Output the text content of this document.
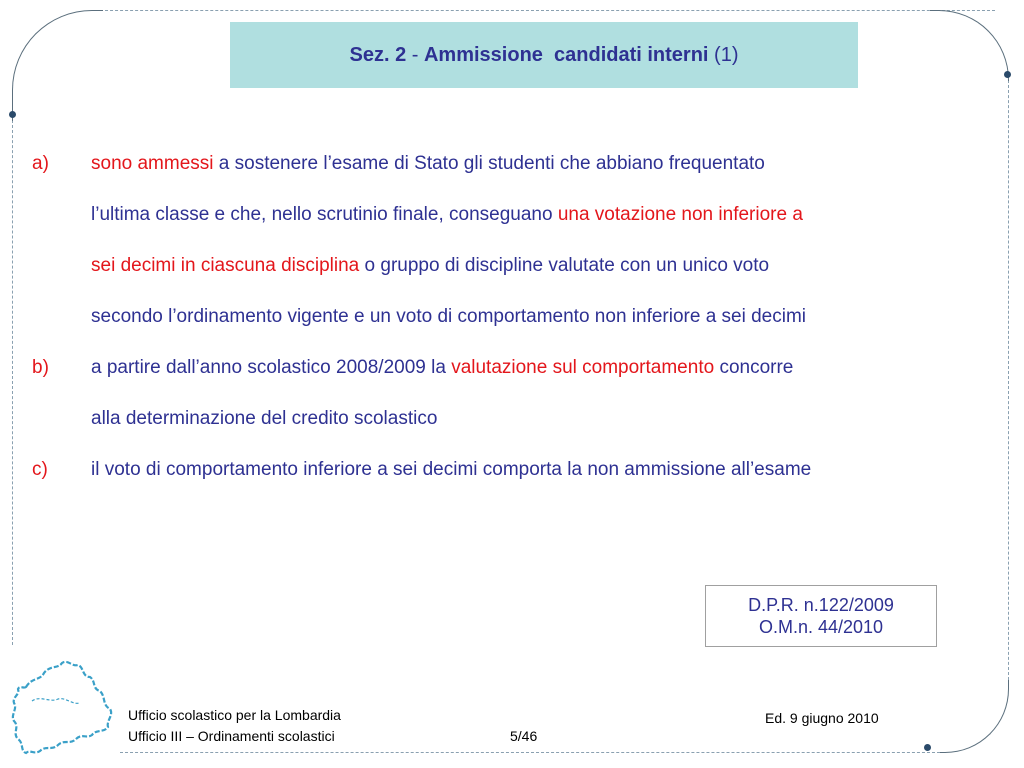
Sez. 2 - Ammissione  candidati interni (1)
a) sono ammessi a sostenere l’esame di Stato gli studenti che abbiano frequentato
l’ultima classe e che, nello scrutinio finale, conseguano una votazione non inferiore a
sei decimi in ciascuna disciplina o gruppo di discipline valutate con un unico voto
secondo l’ordinamento vigente e un voto di comportamento non inferiore a sei decimi
b) a partire dall’anno scolastico 2008/2009 la valutazione sul comportamento concorre
alla determinazione del credito scolastico
c) il voto di comportamento inferiore a sei decimi comporta la non ammissione all’esame
D.P.R. n.122/2009
O.M.n. 44/2010
Ufficio scolastico per la Lombardia
Ufficio III – Ordinamenti scolastici	5/46
Ed. 9 giugno 2010
